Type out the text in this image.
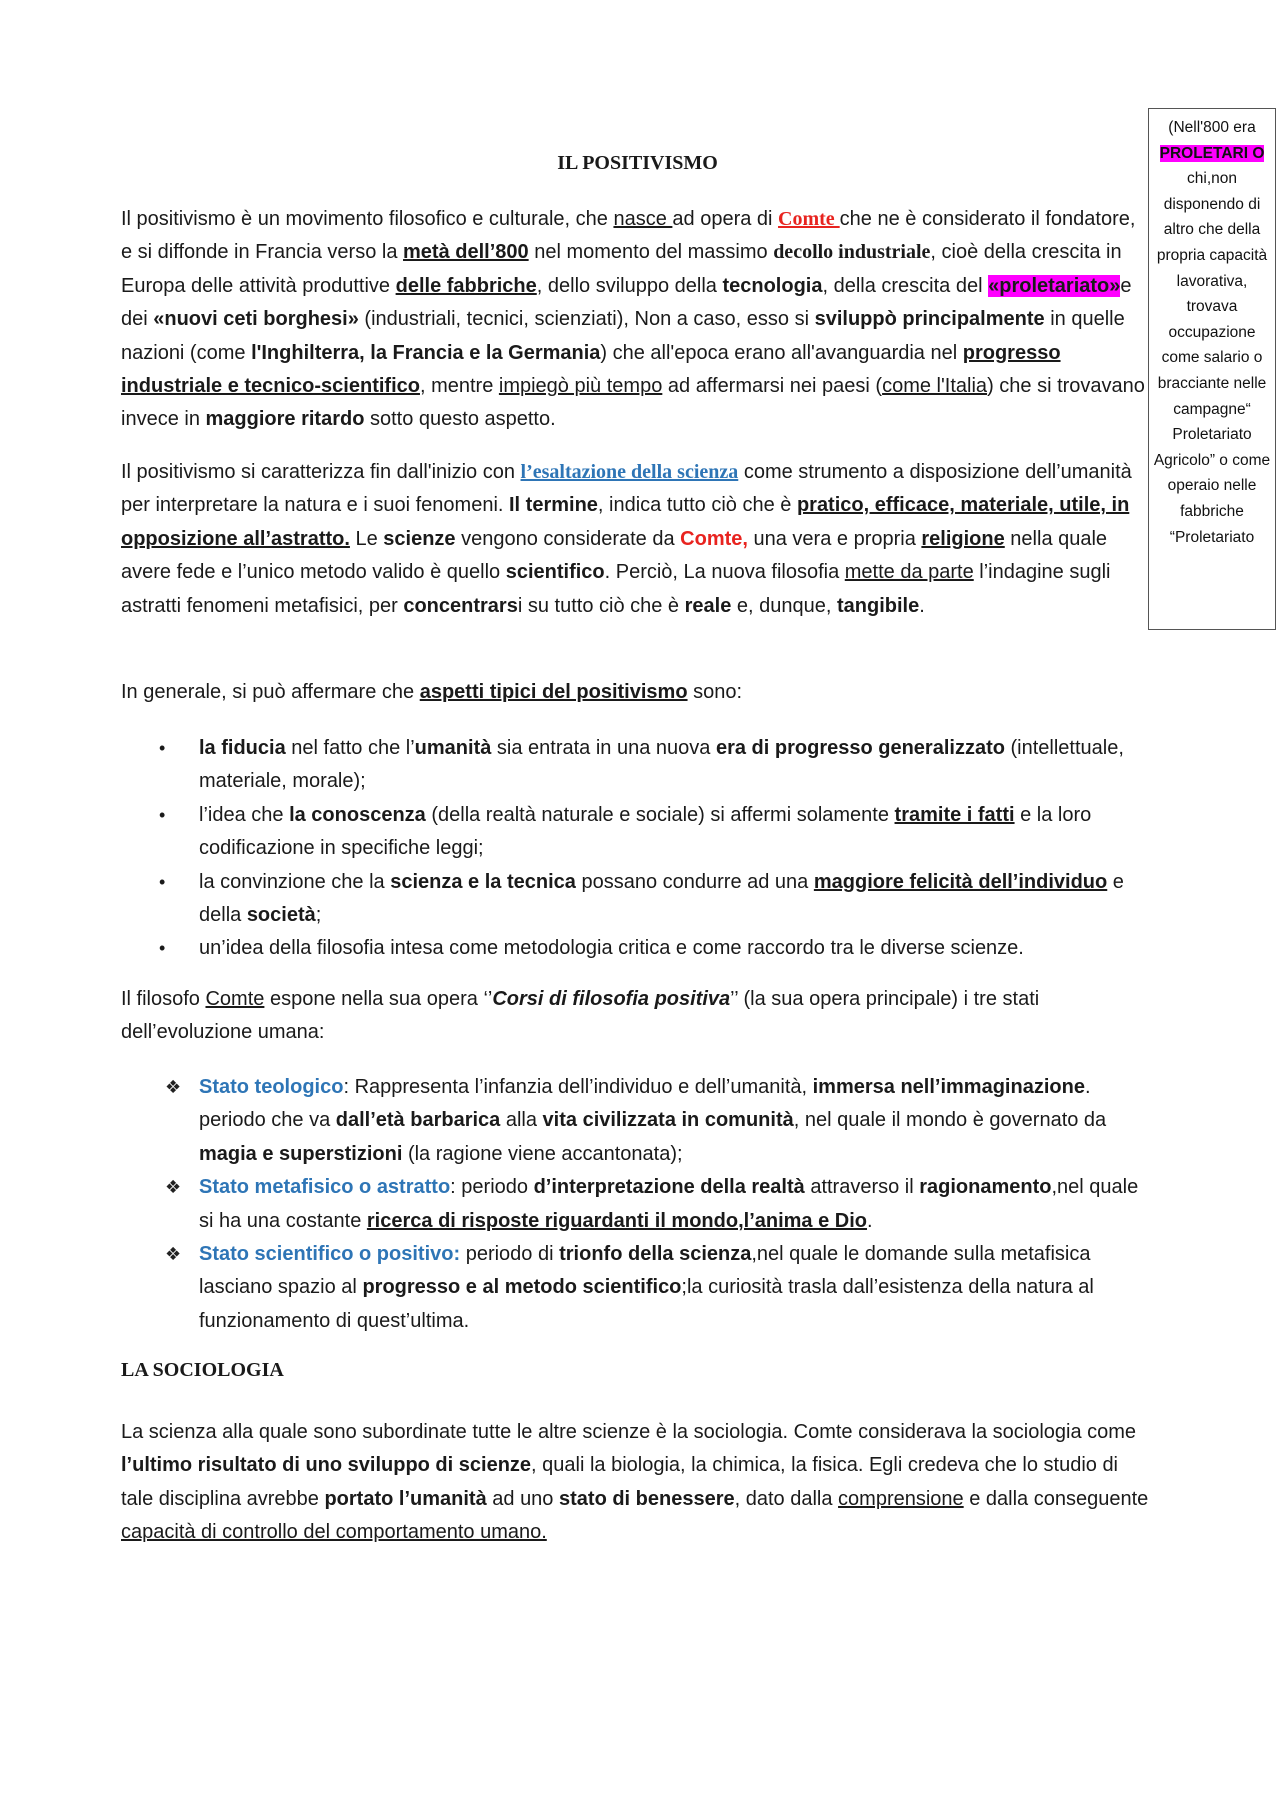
IL POSITIVISMO

Il positivismo è un movimento filosofico e culturale, che nasce ad opera di Comte che ne è considerato il fondatore, e si diffonde in Francia verso la metà dell’800 nel momento del massimo decollo industriale, cioè della crescita in Europa delle attività produttive delle fabbriche, dello sviluppo della tecnologia, della crescita del «proletariato»e dei «nuovi ceti borghesi» (industriali, tecnici, scienziati), Non a caso, esso si sviluppò principalmente in quelle nazioni (come l'Inghilterra, la Francia e la Germania) che all'epoca erano all'avanguardia nel progresso industriale e tecnico-scientifico, mentre impiegò più tempo ad affermarsi nei paesi (come l'Italia) che si trovavano invece in maggiore ritardo sotto questo aspetto.

Il positivismo si caratterizza fin dall'inizio con l’esaltazione della scienza come strumento a disposizione dell’umanità per interpretare la natura e i suoi fenomeni. Il termine, indica tutto ciò che è pratico, efficace, materiale, utile, in opposizione all’astratto. Le scienze vengono considerate da Comte, una vera e propria religione nella quale avere fede e l’unico metodo valido è quello scientifico. Perciò, La nuova filosofia mette da parte l’indagine sugli astratti fenomeni metafisici, per concentrarsi su tutto ciò che è reale e, dunque, tangibile.

In generale, si può affermare che aspetti tipici del positivismo sono:

• la fiducia nel fatto che l’umanità sia entrata in una nuova era di progresso generalizzato (intellettuale, materiale, morale);
• l’idea che la conoscenza (della realtà naturale e sociale) si affermi solamente tramite i fatti e la loro codificazione in specifiche leggi;
• la convinzione che la scienza e la tecnica possano condurre ad una maggiore felicità dell’individuo e della società;
• un’idea della filosofia intesa come metodologia critica e come raccordo tra le diverse scienze.

Il filosofo Comte espone nella sua opera ‘’Corsi di filosofia positiva’’ (la sua opera principale) i tre stati dell’evoluzione umana:

❖ Stato teologico: Rappresenta l’infanzia dell’individuo e dell’umanità, immersa nell’immaginazione. periodo che va dall’età barbarica alla vita civilizzata in comunità, nel quale il mondo è governato da magia e superstizioni (la ragione viene accantonata);
❖ Stato metafisico o astratto: periodo d’interpretazione della realtà attraverso il ragionamento,nel quale si ha una costante ricerca di risposte riguardanti il mondo,l’anima e Dio.
❖ Stato scientifico o positivo: periodo di trionfo della scienza,nel quale le domande sulla metafisica lasciano spazio al progresso e al metodo scientifico;la curiosità trasla dall’esistenza della natura al funzionamento di quest’ultima.
LA SOCIOLOGIA

La scienza alla quale sono subordinate tutte le altre scienze è la sociologia. Comte considerava la sociologia come l’ultimo risultato di uno sviluppo di scienze, quali la biologia, la chimica, la fisica. Egli credeva che lo studio di tale disciplina avrebbe portato l’umanità ad uno stato di benessere, dato dalla comprensione e dalla conseguente capacità di controllo del comportamento umano.

(Nell'800 era PROLETARI O chi,non disponendo di altro che della propria capacità lavorativa, trovava occupazione come salario o bracciante nelle campagne“ Proletariato Agricolo” o come operaio nelle fabbriche “Proletariato
